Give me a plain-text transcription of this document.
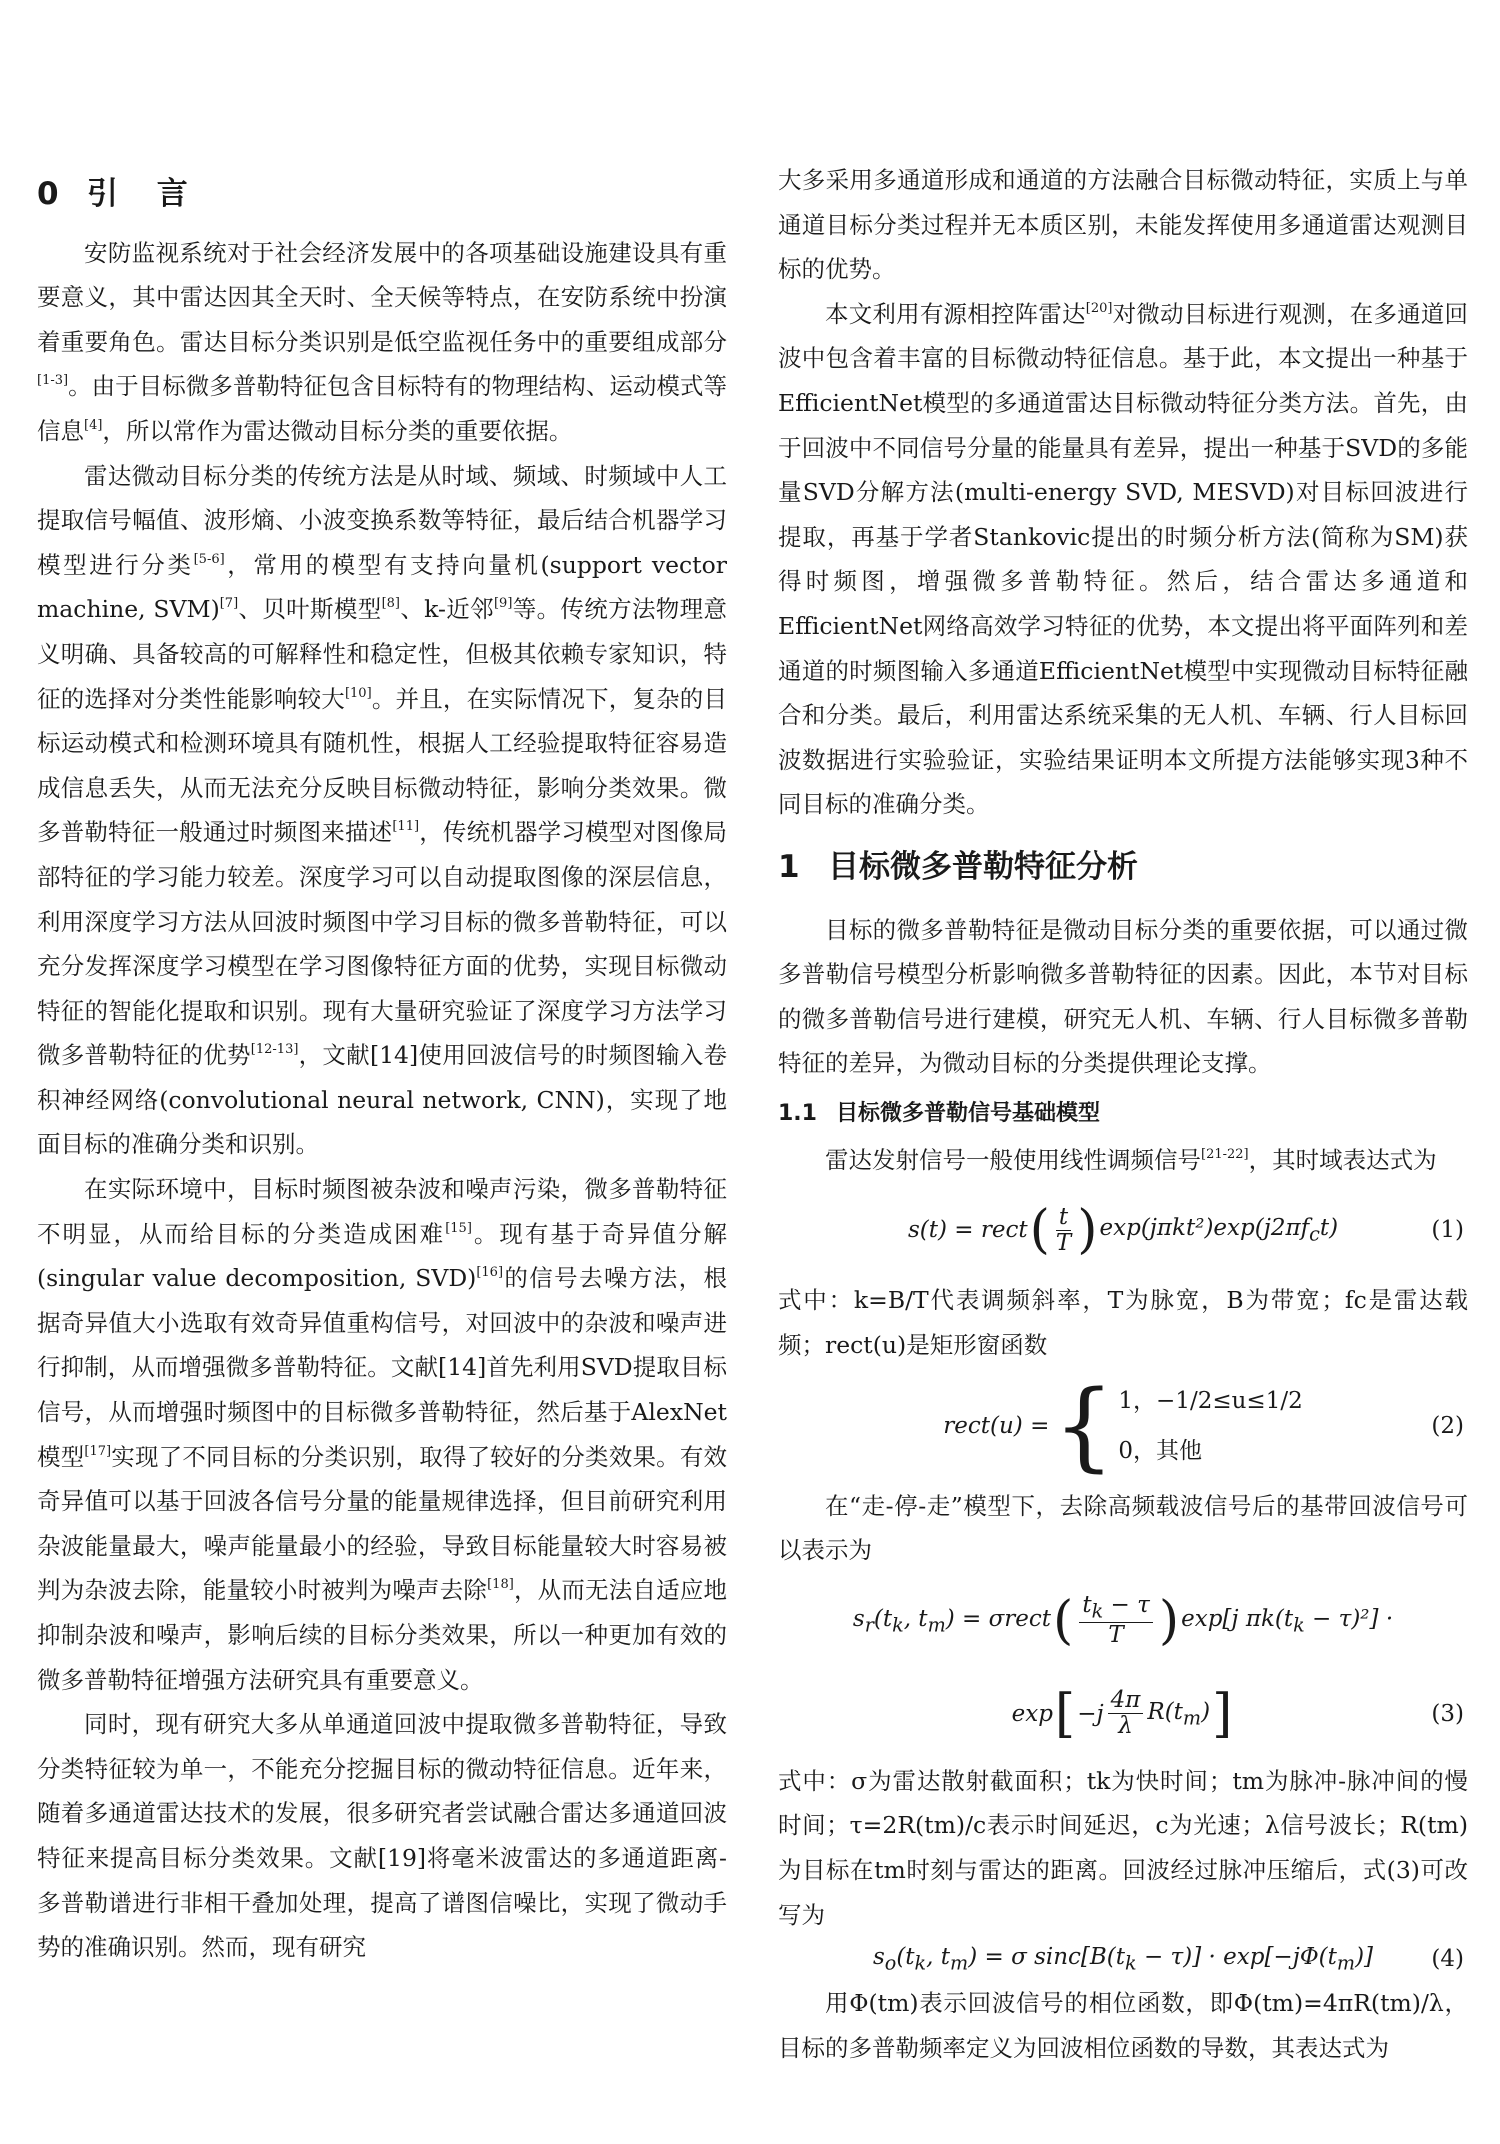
0 引 言

安防监视系统对于社会经济发展中的各项基础设施建设具有重要意义，其中雷达因其全天时、全天候等特点，在安防系统中扮演着重要角色。雷达目标分类识别是低空监视任务中的重要组成部分[1-3]。由于目标微多普勒特征包含目标特有的物理结构、运动模式等信息[4]，所以常作为雷达微动目标分类的重要依据。

雷达微动目标分类的传统方法是从时域、频域、时频域中人工提取信号幅值、波形熵、小波变换系数等特征，最后结合机器学习模型进行分类[5-6]，常用的模型有支持向量机(support vector machine, SVM)[7]、贝叶斯模型[8]、k-近邻[9]等。传统方法物理意义明确、具备较高的可解释性和稳定性，但极其依赖专家知识，特征的选择对分类性能影响较大[10]。并且，在实际情况下，复杂的目标运动模式和检测环境具有随机性，根据人工经验提取特征容易造成信息丢失，从而无法充分反映目标微动特征，影响分类效果。微多普勒特征一般通过时频图来描述[11]，传统机器学习模型对图像局部特征的学习能力较差。深度学习可以自动提取图像的深层信息，利用深度学习方法从回波时频图中学习目标的微多普勒特征，可以充分发挥深度学习模型在学习图像特征方面的优势，实现目标微动特征的智能化提取和识别。现有大量研究验证了深度学习方法学习微多普勒特征的优势[12-13]，文献[14]使用回波信号的时频图输入卷积神经网络(convolutional neural network, CNN)，实现了地面目标的准确分类和识别。

在实际环境中，目标时频图被杂波和噪声污染，微多普勒特征不明显，从而给目标的分类造成困难[15]。现有基于奇异值分解(singular value decomposition, SVD)[16]的信号去噪方法，根据奇异值大小选取有效奇异值重构信号，对回波中的杂波和噪声进行抑制，从而增强微多普勒特征。文献[14]首先利用SVD提取目标信号，从而增强时频图中的目标微多普勒特征，然后基于AlexNet模型[17]实现了不同目标的分类识别，取得了较好的分类效果。有效奇异值可以基于回波各信号分量的能量规律选择，但目前研究利用杂波能量最大，噪声能量最小的经验，导致目标能量较大时容易被判为杂波去除，能量较小时被判为噪声去除[18]，从而无法自适应地抑制杂波和噪声，影响后续的目标分类效果，所以一种更加有效的微多普勒特征增强方法研究具有重要意义。

同时，现有研究大多从单通道回波中提取微多普勒特征，导致分类特征较为单一，不能充分挖掘目标的微动特征信息。近年来，随着多通道雷达技术的发展，很多研究者尝试融合雷达多通道回波特征来提高目标分类效果。文献[19]将毫米波雷达的多通道距离-多普勒谱进行非相干叠加处理，提高了谱图信噪比，实现了微动手势的准确识别。然而，现有研究

大多采用多通道形成和通道的方法融合目标微动特征，实质上与单通道目标分类过程并无本质区别，未能发挥使用多通道雷达观测目标的优势。

本文利用有源相控阵雷达[20]对微动目标进行观测，在多通道回波中包含着丰富的目标微动特征信息。基于此，本文提出一种基于EfficientNet模型的多通道雷达目标微动特征分类方法。首先，由于回波中不同信号分量的能量具有差异，提出一种基于SVD的多能量SVD分解方法(multi-energy SVD, MESVD)对目标回波进行提取，再基于学者Stankovic提出的时频分析方法(简称为SM)获得时频图，增强微多普勒特征。然后，结合雷达多通道和EfficientNet网络高效学习特征的优势，本文提出将平面阵列和差通道的时频图输入多通道EfficientNet模型中实现微动目标特征融合和分类。最后，利用雷达系统采集的无人机、车辆、行人目标回波数据进行实验验证，实验结果证明本文所提方法能够实现3种不同目标的准确分类。

1 目标微多普勒特征分析

目标的微多普勒特征是微动目标分类的重要依据，可以通过微多普勒信号模型分析影响微多普勒特征的因素。因此，本节对目标的微多普勒信号进行建模，研究无人机、车辆、行人目标微多普勒特征的差异，为微动目标的分类提供理论支撑。

1.1 目标微多普勒信号基础模型

雷达发射信号一般使用线性调频信号[21-22]，其时域表达式为

s(t) = rect ( $\frac{t}{T}$ ) $\exp(j\pi kt^2)\exp(j2\pi f_ct)$	(1)

式中：k=B/T代表调频斜率，T为脉宽，B为带宽；fc是雷达载频；rect(u)是矩形窗函数

rect(u) = { 1，−1/2≤u≤1/2
0，其他
(2)

在“走-停-走”模型下，去除高频载波信号后的基带回波信号可以表示为

$s_r(t_k$, $t_m$) = σrect ( $\frac{t_k - \tau}{T}$ ) exp[j $\pi k(t_k - \tau)^2$] ·
exp [ $-j \frac{4\pi}{\lambda} R(t_m)$ ]	(3)

式中：σ为雷达散射截面积；tk为快时间；tm为脉冲-脉冲间的慢时间；τ=2R(tm)/c表示时间延迟，c为光速；λ信号波长；R(tm)为目标在tm时刻与雷达的距离。回波经过脉冲压缩后，式(3)可改写为

$s_o(t_k$, $t_m) = \sigma$ $\sin c[B(t_k - \tau)] \cdot \exp[-j\Phi(t_m)]$	(4)

用Φ(tm)表示回波信号的相位函数，即Φ(tm)=4πR(tm)/λ，目标的多普勒频率定义为回波相位函数的导数，其表达式为
